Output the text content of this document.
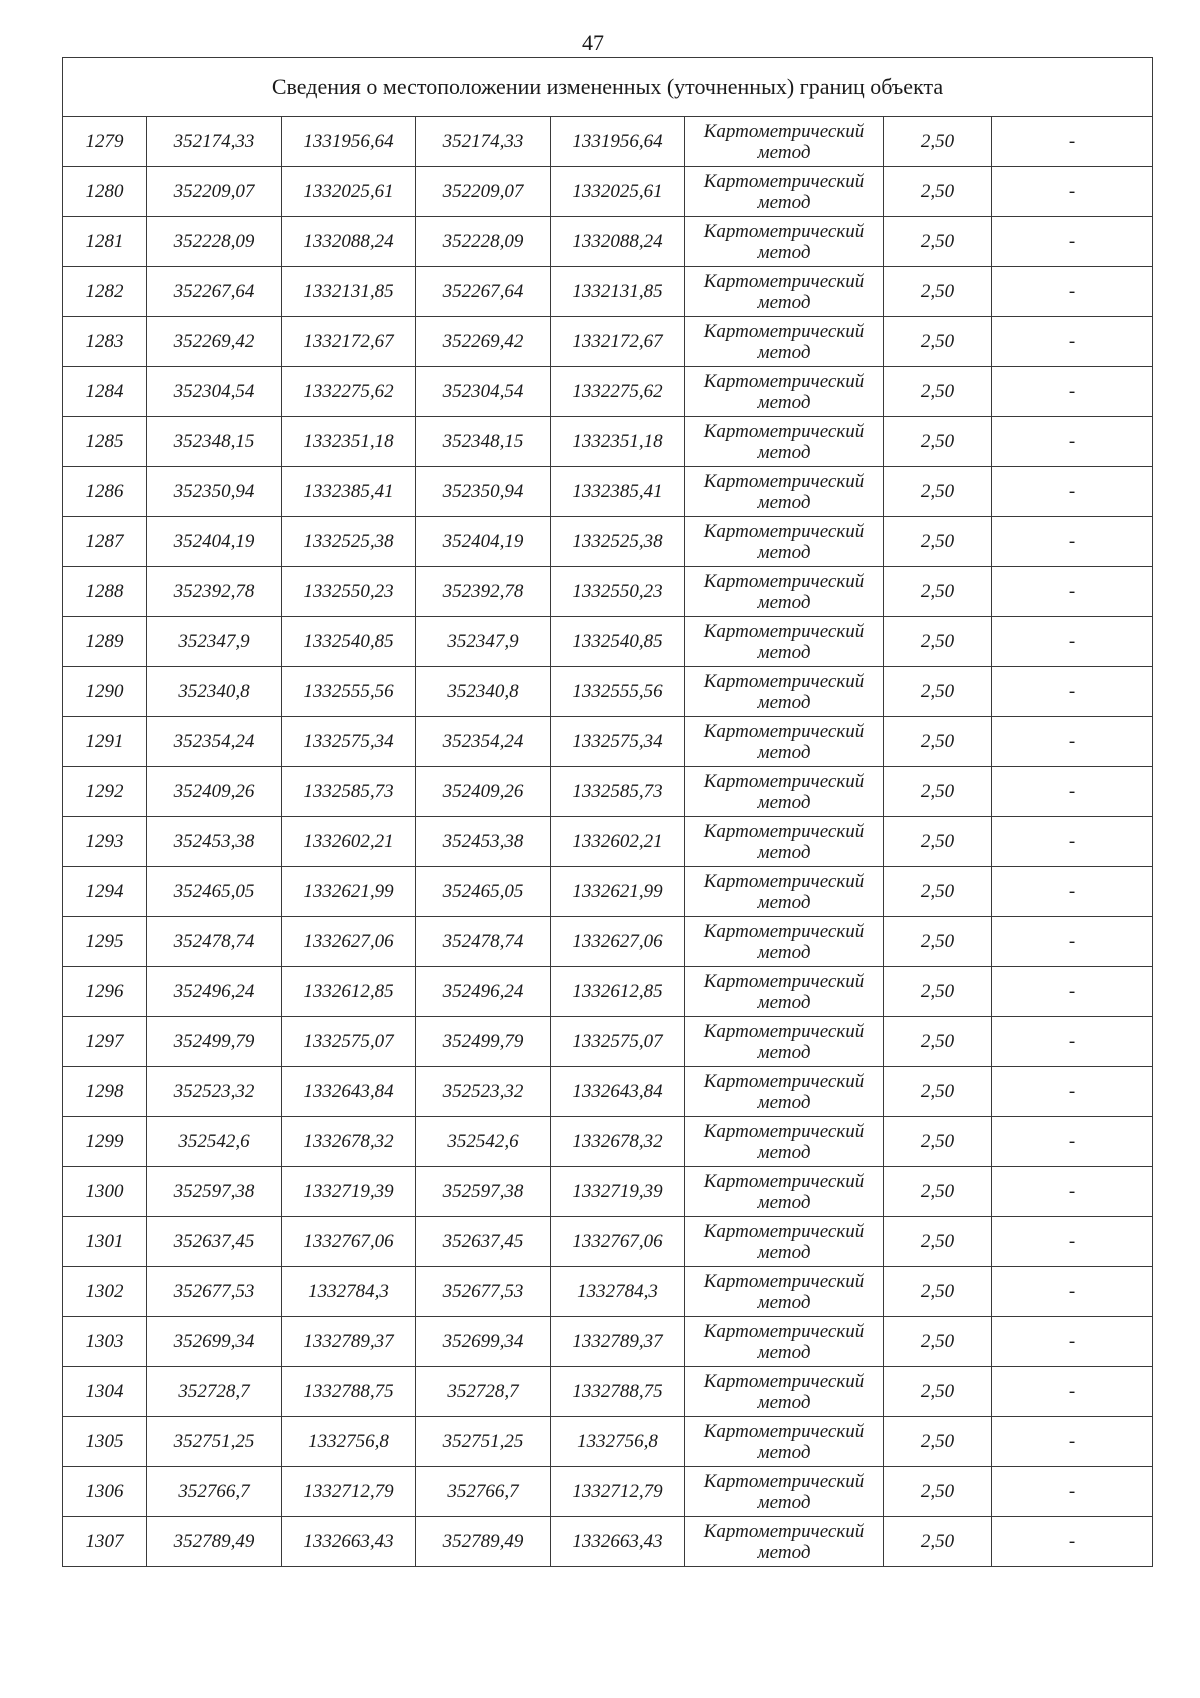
47
Сведения о местоположении измененных (уточненных) границ объекта							
1279	352174,33	1331956,64	352174,33	1331956,64	Картометрический
метод	2,50	-
1280	352209,07	1332025,61	352209,07	1332025,61	Картометрический
метод	2,50	-
1281	352228,09	1332088,24	352228,09	1332088,24	Картометрический
метод	2,50	-
1282	352267,64	1332131,85	352267,64	1332131,85	Картометрический
метод	2,50	-
1283	352269,42	1332172,67	352269,42	1332172,67	Картометрический
метод	2,50	-
1284	352304,54	1332275,62	352304,54	1332275,62	Картометрический
метод	2,50	-
1285	352348,15	1332351,18	352348,15	1332351,18	Картометрический
метод	2,50	-
1286	352350,94	1332385,41	352350,94	1332385,41	Картометрический
метод	2,50	-
1287	352404,19	1332525,38	352404,19	1332525,38	Картометрический
метод	2,50	-
1288	352392,78	1332550,23	352392,78	1332550,23	Картометрический
метод	2,50	-
1289	352347,9	1332540,85	352347,9	1332540,85	Картометрический
метод	2,50	-
1290	352340,8	1332555,56	352340,8	1332555,56	Картометрический
метод	2,50	-
1291	352354,24	1332575,34	352354,24	1332575,34	Картометрический
метод	2,50	-
1292	352409,26	1332585,73	352409,26	1332585,73	Картометрический
метод	2,50	-
1293	352453,38	1332602,21	352453,38	1332602,21	Картометрический
метод	2,50	-
1294	352465,05	1332621,99	352465,05	1332621,99	Картометрический
метод	2,50	-
1295	352478,74	1332627,06	352478,74	1332627,06	Картометрический
метод	2,50	-
1296	352496,24	1332612,85	352496,24	1332612,85	Картометрический
метод	2,50	-
1297	352499,79	1332575,07	352499,79	1332575,07	Картометрический
метод	2,50	-
1298	352523,32	1332643,84	352523,32	1332643,84	Картометрический
метод	2,50	-
1299	352542,6	1332678,32	352542,6	1332678,32	Картометрический
метод	2,50	-
1300	352597,38	1332719,39	352597,38	1332719,39	Картометрический
метод	2,50	-
1301	352637,45	1332767,06	352637,45	1332767,06	Картометрический
метод	2,50	-
1302	352677,53	1332784,3	352677,53	1332784,3	Картометрический
метод	2,50	-
1303	352699,34	1332789,37	352699,34	1332789,37	Картометрический
метод	2,50	-
1304	352728,7	1332788,75	352728,7	1332788,75	Картометрический
метод	2,50	-
1305	352751,25	1332756,8	352751,25	1332756,8	Картометрический
метод	2,50	-
1306	352766,7	1332712,79	352766,7	1332712,79	Картометрический
метод	2,50	-
1307	352789,49	1332663,43	352789,49	1332663,43	Картометрический
метод	2,50	-
